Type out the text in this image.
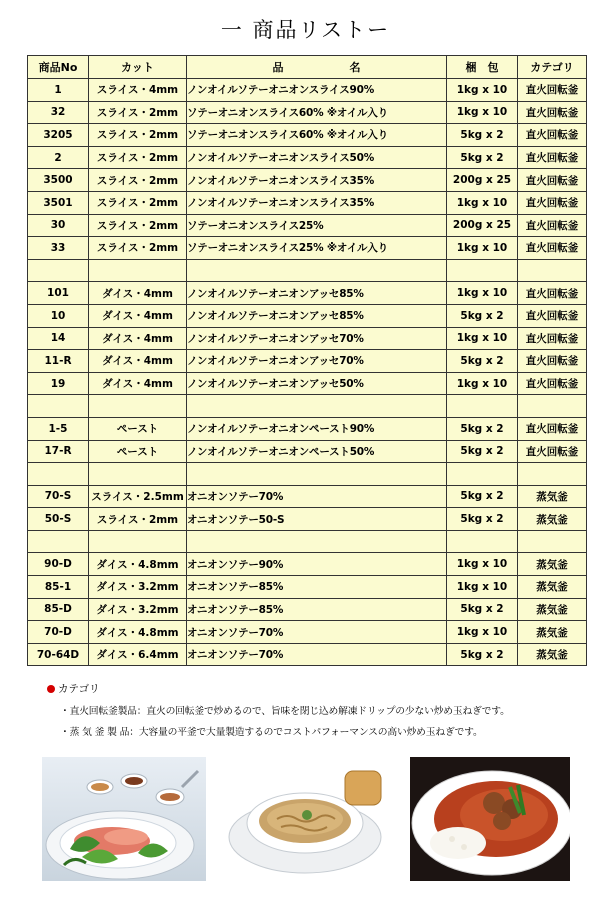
一 商品リストー
商品No	カット	品　　　　　　名	梱　包	カテゴリ
1	スライス・4mm	ノンオイルソテーオニオンスライス90%	1kg x 10	直火回転釜
32	スライス・2mm	ソテーオニオンスライス60% ※オイル入り	1kg x 10	直火回転釜
3205	スライス・2mm	ソテーオニオンスライス60% ※オイル入り	5kg x 2	直火回転釜
2	スライス・2mm	ノンオイルソテーオニオンスライス50%	5kg x 2	直火回転釜
3500	スライス・2mm	ノンオイルソテーオニオンスライス35%	200g x 25	直火回転釜
3501	スライス・2mm	ノンオイルソテーオニオンスライス35%	1kg x 10	直火回転釜
30	スライス・2mm	ソテーオニオンスライス25%	200g x 25	直火回転釜
33	スライス・2mm	ソテーオニオンスライス25% ※オイル入り	1kg x 10	直火回転釜

101	ダイス・4mm	ノンオイルソテーオニオンアッセ85%	1kg x 10	直火回転釜
10	ダイス・4mm	ノンオイルソテーオニオンアッセ85%	5kg x 2	直火回転釜
14	ダイス・4mm	ノンオイルソテーオニオンアッセ70%	1kg x 10	直火回転釜
11-R	ダイス・4mm	ノンオイルソテーオニオンアッセ70%	5kg x 2	直火回転釜
19	ダイス・4mm	ノンオイルソテーオニオンアッセ50%	1kg x 10	直火回転釜

1-5	ペースト	ノンオイルソテーオニオンペースト90%	5kg x 2	直火回転釜
17-R	ペースト	ノンオイルソテーオニオンペースト50%	5kg x 2	直火回転釜

70-S	スライス・2.5mm	オニオンソテー70%	5kg x 2	蒸気釜
50-S	スライス・2mm	オニオンソテー50-S	5kg x 2	蒸気釜

90-D	ダイス・4.8mm	オニオンソテー90%	1kg x 10	蒸気釜
85-1	ダイス・3.2mm	オニオンソテー85%	1kg x 10	蒸気釜
85-D	ダイス・3.2mm	オニオンソテー85%	5kg x 2	蒸気釜
70-D	ダイス・4.8mm	オニオンソテー70%	1kg x 10	蒸気釜
70-64D	ダイス・6.4mm	オニオンソテー70%	5kg x 2	蒸気釜
カテゴリ
・直火回転釜製品：直火の回転釜で炒めるので、旨味を閉じ込め解凍ドリップの少ない炒め玉ねぎです。
・蒸 気 釜 製 品：大容量の平釜で大量製造するのでコストパフォーマンスの高い炒め玉ねぎです。
